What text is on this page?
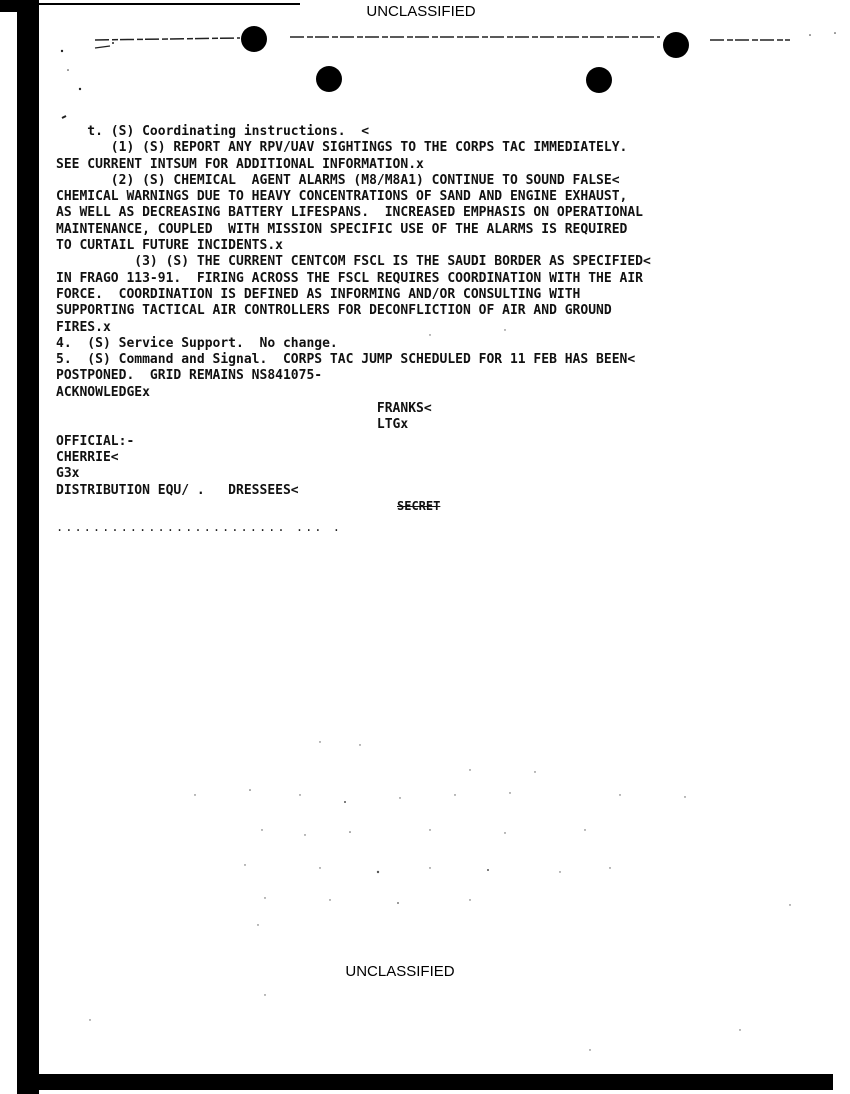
UNCLASSIFIED
t. (S) Coordinating instructions.  <
(1) (S) REPORT ANY RPV/UAV SIGHTINGS TO THE CORPS TAC IMMEDIATELY.
SEE CURRENT INTSUM FOR ADDITIONAL INFORMATION.x
(2) (S) CHEMICAL  AGENT ALARMS (M8/M8A1) CONTINUE TO SOUND FALSE<
CHEMICAL WARNINGS DUE TO HEAVY CONCENTRATIONS OF SAND AND ENGINE EXHAUST,
AS WELL AS DECREASING BATTERY LIFESPANS.  INCREASED EMPHASIS ON OPERATIONAL
MAINTENANCE, COUPLED  WITH MISSION SPECIFIC USE OF THE ALARMS IS REQUIRED
TO CURTAIL FUTURE INCIDENTS.x
(3) (S) THE CURRENT CENTCOM FSCL IS THE SAUDI BORDER AS SPECIFIED<
IN FRAGO 113-91.  FIRING ACROSS THE FSCL REQUIRES COORDINATION WITH THE AIR
FORCE.  COORDINATION IS DEFINED AS INFORMING AND/OR CONSULTING WITH
SUPPORTING TACTICAL AIR CONTROLLERS FOR DECONFLICTION OF AIR AND GROUND
FIRES.x
4.  (S) Service Support.  No change.
5.  (S) Command and Signal.  CORPS TAC JUMP SCHEDULED FOR 11 FEB HAS BEEN<
POSTPONED.  GRID REMAINS NS841075-
ACKNOWLEDGEx
FRANKS<
LTGx
OFFICIAL:-
CHERRIE<
G3x
DISTRIBUTION EQU/ .   DRESSEES<
SECRET
......................... ... .
UNCLASSIFIED
